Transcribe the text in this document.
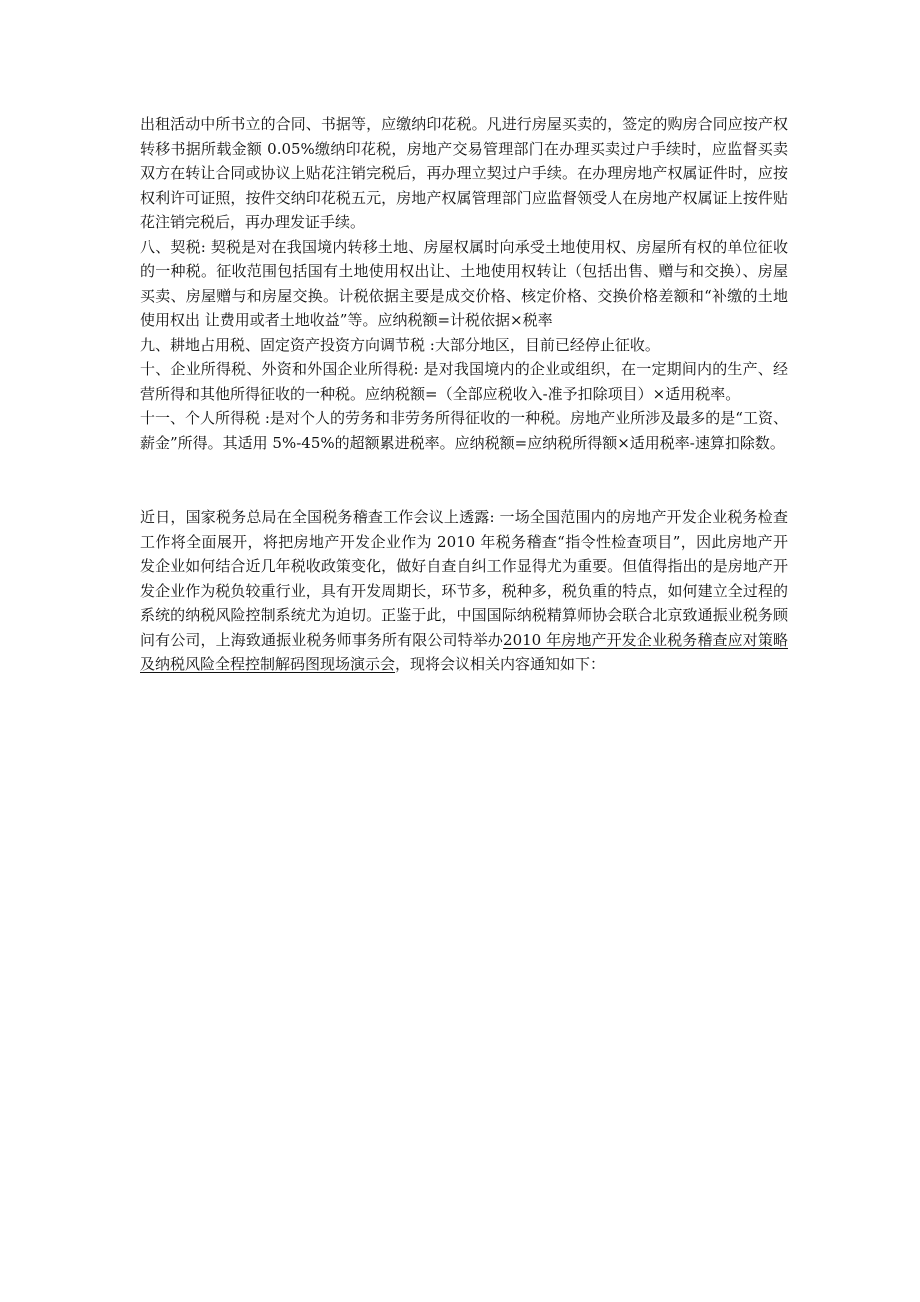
出租活动中所书立的合同、书据等，应缴纳印花税。凡进行房屋买卖的，签定的购房合同应按产权转移书据所载金额 0.05%缴纳印花税，房地产交易管理部门在办理买卖过户手续时，应监督买卖双方在转让合同或协议上贴花注销完税后，再办理立契过户手续。在办理房地产权属证件时，应按权利许可证照，按件交纳印花税五元，房地产权属管理部门应监督领受人在房地产权属证上按件贴花注销完税后，再办理发证手续。

八、契税: 契税是对在我国境内转移土地、房屋权属时向承受土地使用权、房屋所有权的单位征收的一种税。征收范围包括国有土地使用权出让、土地使用权转让（包括出售、赠与和交换）、房屋买卖、房屋赠与和房屋交换。计税依据主要是成交价格、核定价格、交换价格差额和“补缴的土地使用权出 让费用或者土地收益”等。应纳税额=计税依据×税率

九、耕地占用税、固定资产投资方向调节税 :大部分地区，目前已经停止征收。

十、企业所得税、外资和外国企业所得税: 是对我国境内的企业或组织，在一定期间内的生产、经营所得和其他所得征收的一种税。应纳税额=（全部应税收入-准予扣除项目）×适用税率。

十一、个人所得税 :是对个人的劳务和非劳务所得征收的一种税。房地产业所涉及最多的是“工资、薪金”所得。其适用 5%-45%的超额累进税率。应纳税额=应纳税所得额×适用税率-速算扣除数。

近日，国家税务总局在全国税务稽查工作会议上透露: 一场全国范围内的房地产开发企业税务检查工作将全面展开，将把房地产开发企业作为 2010 年税务稽查“指令性检查项目”，因此房地产开发企业如何结合近几年税收政策变化，做好自查自纠工作显得尤为重要。但值得指出的是房地产开发企业作为税负较重行业，具有开发周期长，环节多，税种多，税负重的特点，如何建立全过程的系统的纳税风险控制系统尤为迫切。正鉴于此，中国国际纳税精算师协会联合北京致通振业税务顾问有公司，上海致通振业税务师事务所有限公司特举办2010 年房地产开发企业税务稽查应对策略及纳税风险全程控制解码图现场演示会，现将会议相关内容通知如下：
